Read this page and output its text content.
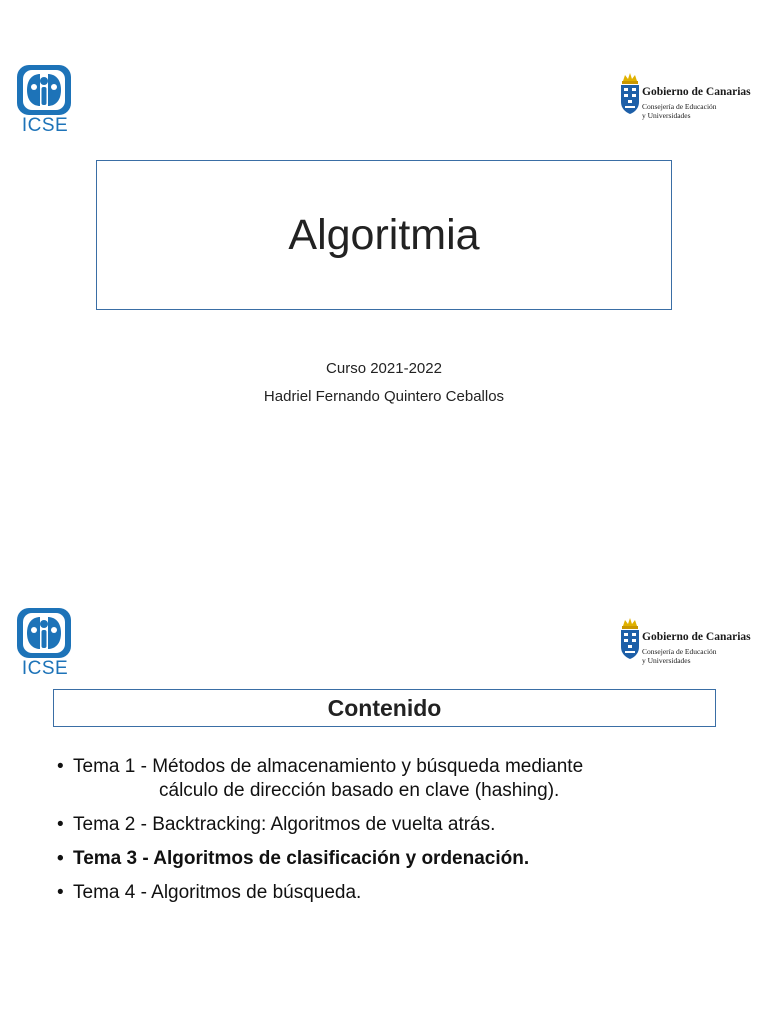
ICSE
Gobierno de Canarias
Consejería de Educación
y Universidades
Algoritmia
Curso 2021-2022
Hadriel Fernando Quintero Ceballos
ICSE
Gobierno de Canarias
Consejería de Educación
y Universidades
Contenido
• Tema 1 - Métodos de almacenamiento y búsqueda mediante
cálculo de dirección basado en clave (hashing).
• Tema 2 - Backtracking: Algoritmos de vuelta atrás.
• Tema 3 - Algoritmos de clasificación y ordenación.
• Tema 4 - Algoritmos de búsqueda.
